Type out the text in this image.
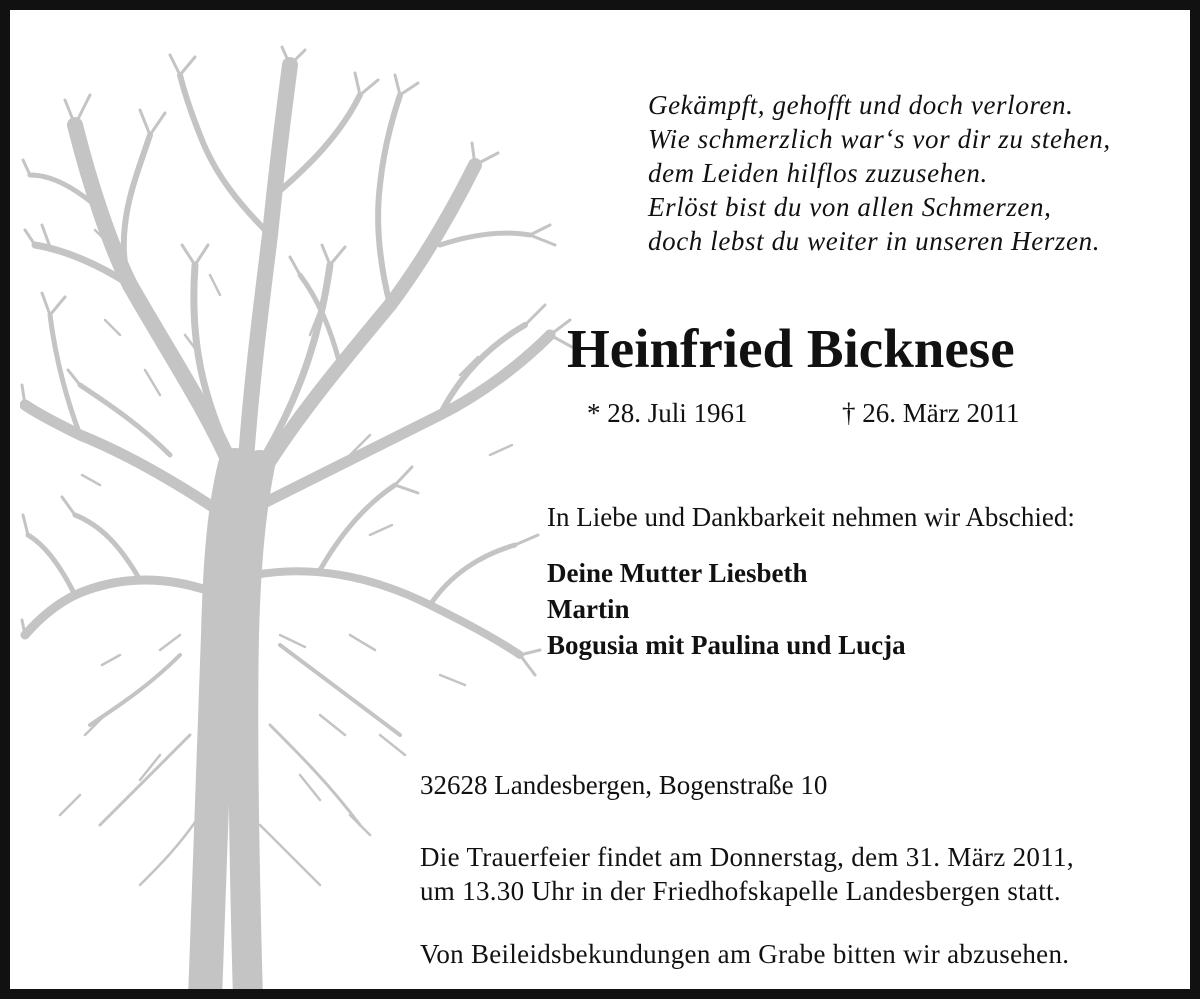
Gekämpft, gehofft und doch verloren.
Wie schmerzlich war‘s vor dir zu stehen,
dem Leiden hilflos zuzusehen.
Erlöst bist du von allen Schmerzen,
doch lebst du weiter in unseren Herzen.
Heinfried Bicknese
* 28. Juli 1961	† 26. März 2011
In Liebe und Dankbarkeit nehmen wir Abschied:
Deine Mutter Liesbeth
Martin
Bogusia mit Paulina und Lucja
32628 Landesbergen, Bogenstraße 10
Die Trauerfeier findet am Donnerstag, dem 31. März 2011,
um 13.30 Uhr in der Friedhofskapelle Landesbergen statt.
Von Beileidsbekundungen am Grabe bitten wir abzusehen.
